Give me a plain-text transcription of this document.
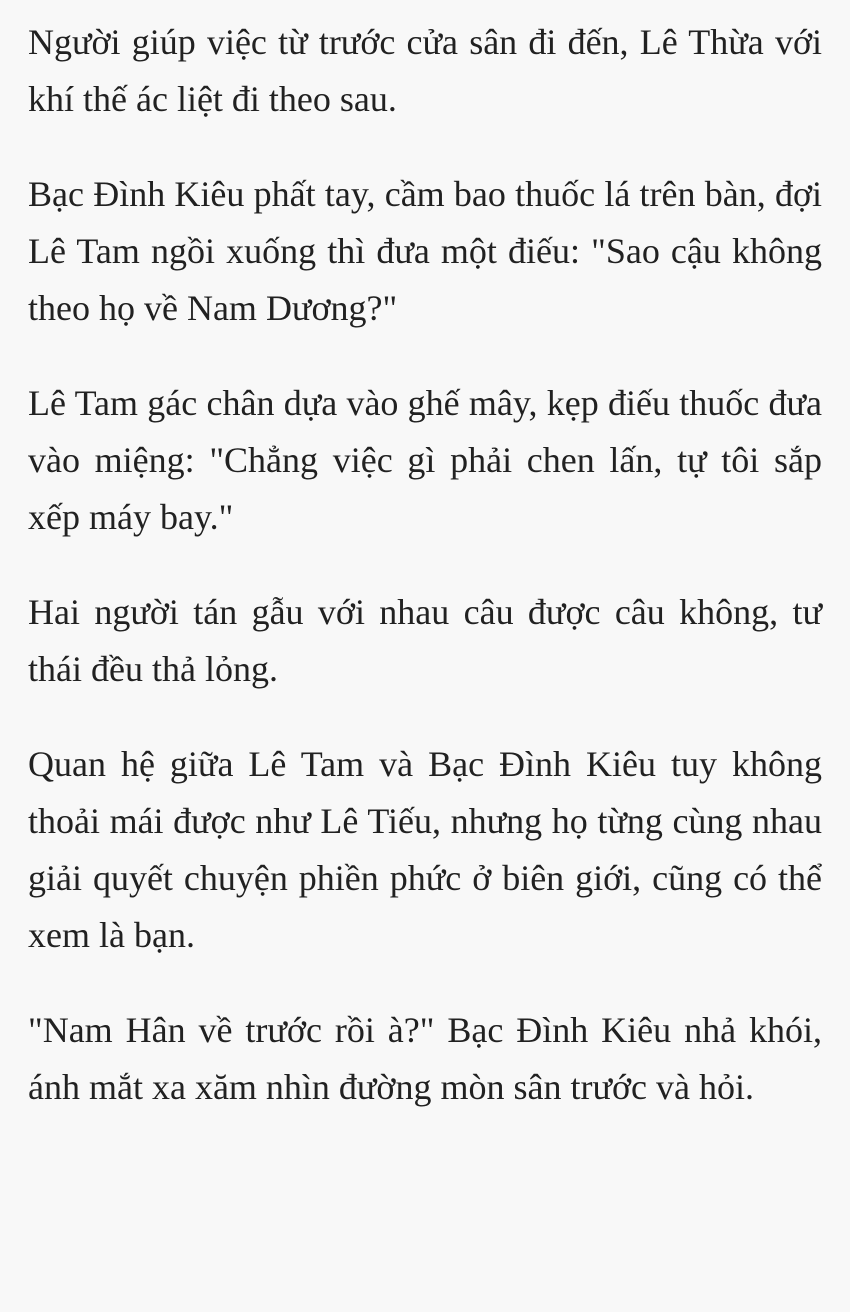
Người giúp việc từ trước cửa sân đi đến, Lê Thừa với khí thế ác liệt đi theo sau.

Bạc Đình Kiêu phất tay, cầm bao thuốc lá trên bàn, đợi Lê Tam ngồi xuống thì đưa một điếu: "Sao cậu không theo họ về Nam Dương?"

Lê Tam gác chân dựa vào ghế mây, kẹp điếu thuốc đưa vào miệng: "Chẳng việc gì phải chen lấn, tự tôi sắp xếp máy bay."

Hai người tán gẫu với nhau câu được câu không, tư thái đều thả lỏng.

Quan hệ giữa Lê Tam và Bạc Đình Kiêu tuy không thoải mái được như Lê Tiếu, nhưng họ từng cùng nhau giải quyết chuyện phiền phức ở biên giới, cũng có thể xem là bạn.

"Nam Hân về trước rồi à?" Bạc Đình Kiêu nhả khói, ánh mắt xa xăm nhìn đường mòn sân trước và hỏi.
